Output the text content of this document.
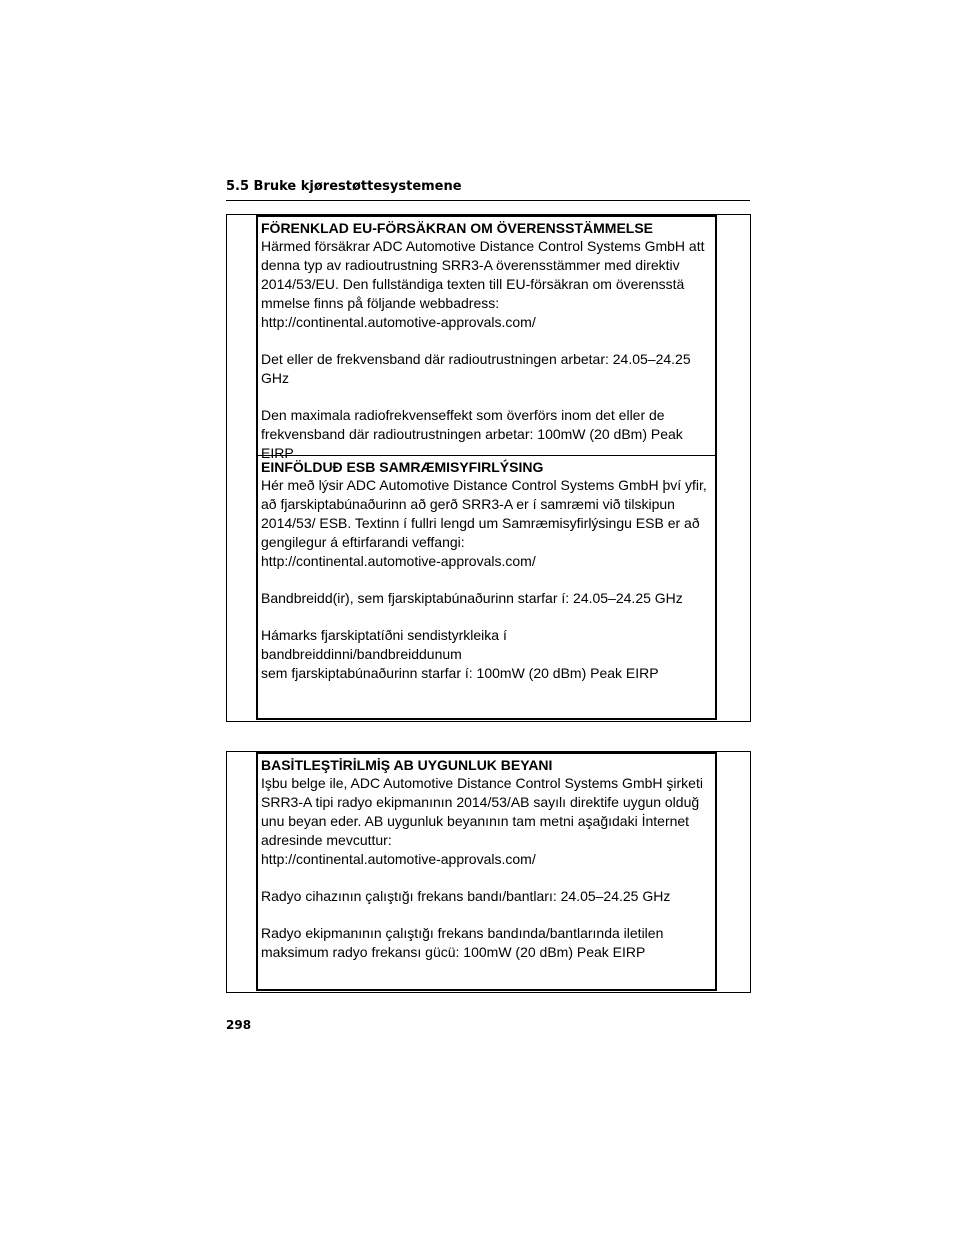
5.5 Bruke kjørestøttesystemene
FÖRENKLAD EU-FÖRSÄKRAN OM ÖVERENSSTÄMMELSE

Härmed försäkrar ADC Automotive Distance Control Systems GmbH att

denna typ av radioutrustning SRR3-A överensstämmer med direktiv

2014/53/EU. Den fullständiga texten till EU-försäkran om överensstä

mmelse finns på följande webbadress:

http://continental.automotive-approvals.com/

Det eller de frekvensband där radioutrustningen arbetar: 24.05–24.25

GHz

Den maximala radiofrekvenseffekt som överförs inom det eller de

frekvensband där radioutrustningen arbetar: 100mW (20 dBm) Peak

EIRP

EINFÖLDUÐ ESB SAMRÆMISYFIRLÝSING

Hér með lýsir ADC Automotive Distance Control Systems GmbH því yfir,

að fjarskiptabúnaðurinn að gerð SRR3-A er í samræmi við tilskipun

2014/53/ ESB. Textinn í fullri lengd um Samræmisyfirlýsingu ESB er að

gengilegur á eftirfarandi veffangi:

http://continental.automotive-approvals.com/

Bandbreidd(ir), sem fjarskiptabúnaðurinn starfar í: 24.05–24.25 GHz

Hámarks fjarskiptatíðni sendistyrkleika í bandbreiddinni/bandbreiddunum

sem fjarskiptabúnaðurinn starfar í: 100mW (20 dBm) Peak EIRP

BASİTLEŞTİRİLMİŞ AB UYGUNLUK BEYANI

Işbu belge ile, ADC Automotive Distance Control Systems GmbH şirketi

SRR3-A tipi radyo ekipmanının 2014/53/AB sayılı direktife uygun olduğ

unu beyan eder. AB uygunluk beyanının tam metni aşağıdaki İnternet

adresinde mevcuttur:

http://continental.automotive-approvals.com/

Radyo cihazının çalıştığı frekans bandı/bantları: 24.05–24.25 GHz

Radyo ekipmanının çalıştığı frekans bandında/bantlarında iletilen

maksimum radyo frekansı gücü: 100mW (20 dBm) Peak EIRP

298
